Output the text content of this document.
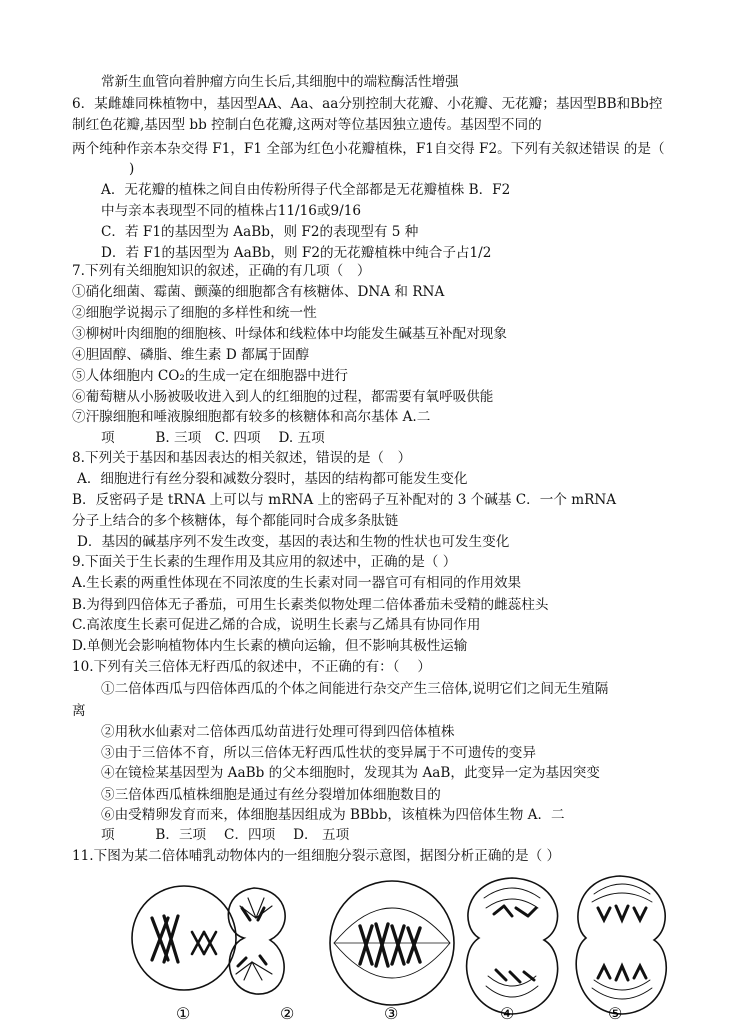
常新生血管向着肿瘤方向生长后,其细胞中的端粒酶活性增强
6．某雌雄同株植物中，基因型AA、Aa、aa分别控制大花瓣、小花瓣、无花瓣；基因型BB和Bb控
制红色花瓣,基因型 bb 控制白色花瓣,这两对等位基因独立遗传。基因型不同的
两个纯种作亲本杂交得 F1，F1 全部为红色小花瓣植株，F1自交得 F2。下列有关叙述错误 的是（
)
A．无花瓣的植株之间自由传粉所得子代全部都是无花瓣植株 B．F2
中与亲本表现型不同的植株占11/16或9/16
C．若 F1的基因型为 AaBb，则 F2的表现型有 5 种
D．若 F1的基因型为 AaBb，则 F2的无花瓣植株中纯合子占1/2
7.下列有关细胞知识的叙述，正确的有几项（　）
①硝化细菌、霉菌、颤藻的细胞都含有核糖体、DNA 和 RNA
②细胞学说揭示了细胞的多样性和统一性
③柳树叶肉细胞的细胞核、叶绿体和线粒体中均能发生碱基互补配对现象
④胆固醇、磷脂、维生素 D 都属于固醇
⑤人体细胞内 CO₂的生成一定在细胞器中进行
⑥葡萄糖从小肠被吸收进入到人的红细胞的过程，都需要有氧呼吸供能
⑦汗腺细胞和唾液腺细胞都有较多的核糖体和高尔基体 A.二
项　　　B. 三项　C. 四项　 D. 五项
8.下列关于基因和基因表达的相关叙述，错误的是（　）
A．细胞进行有丝分裂和减数分裂时，基因的结构都可能发生变化
B．反密码子是 tRNA 上可以与 mRNA 上的密码子互补配对的 3 个碱基 C．一个 mRNA
分子上结合的多个核糖体，每个都能同时合成多条肽链
D．基因的碱基序列不发生改变，基因的表达和生物的性状也可发生变化
9.下面关于生长素的生理作用及其应用的叙述中，正确的是（ ）
A.生长素的两重性体现在不同浓度的生长素对同一器官可有相同的作用效果
B.为得到四倍体无子番茄，可用生长素类似物处理二倍体番茄未受精的雌蕊柱头
C.高浓度生长素可促进乙烯的合成，说明生长素与乙烯具有协同作用
D.单侧光会影响植物体内生长素的横向运输，但不影响其极性运输
10.下列有关三倍体无籽西瓜的叙述中，不正确的有：（　 ）
①二倍体西瓜与四倍体西瓜的个体之间能进行杂交产生三倍体,说明它们之间无生殖隔
离
②用秋水仙素对二倍体西瓜幼苗进行处理可得到四倍体植株
③由于三倍体不育，所以三倍体无籽西瓜性状的变异属于不可遗传的变异
④在镜检某基因型为 AaBb 的父本细胞时，发现其为 AaB，此变异一定为基因突变
⑤三倍体西瓜植株细胞是通过有丝分裂增加体细胞数目的
⑥由受精卵发育而来，体细胞基因组成为 BBbb，该植株为四倍体生物 A．二
项　　　B．三项　 C．四项　 D． 五项
11.下图为某二倍体哺乳动物体内的一组细胞分裂示意图，据图分析正确的是（ ）
①	②	③	④	⑤
